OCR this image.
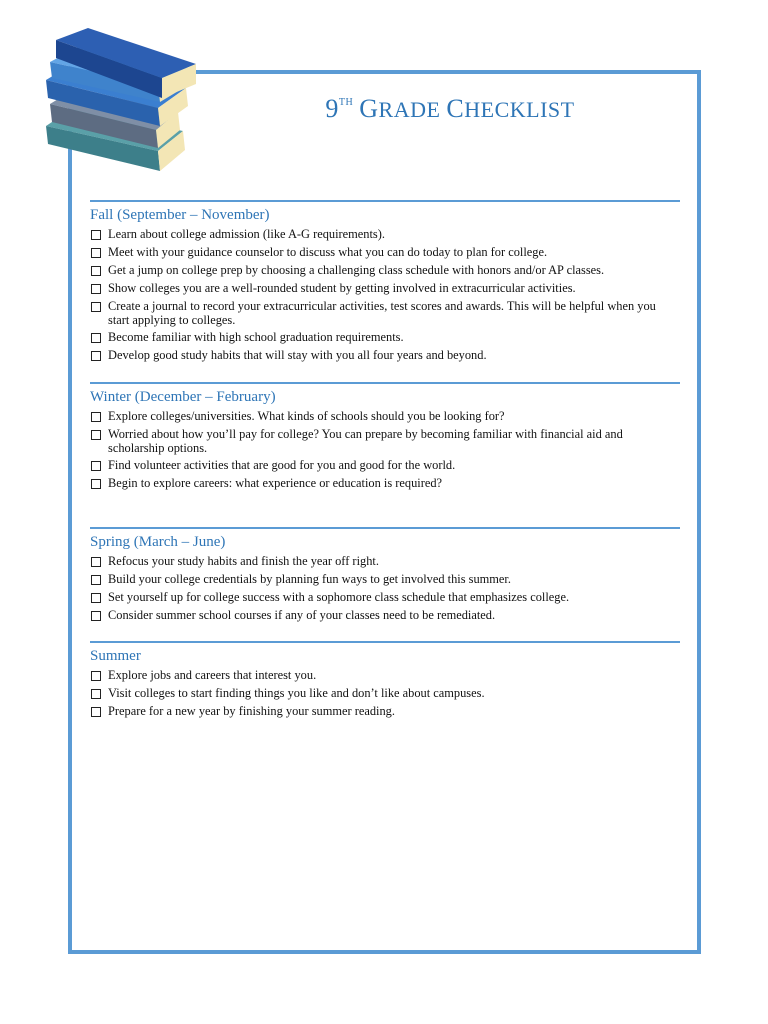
9TH GRADE CHECKLIST
Fall (September – November)
Learn about college admission (like A-G requirements).
Meet with your guidance counselor to discuss what you can do today to plan for college.
Get a jump on college prep by choosing a challenging class schedule with honors and/or AP classes.
Show colleges you are a well-rounded student by getting involved in extracurricular activities.
Create a journal to record your extracurricular activities, test scores and awards. This will be helpful when you start applying to colleges.
Become familiar with high school graduation requirements.
Develop good study habits that will stay with you all four years and beyond.
Winter (December – February)
Explore colleges/universities. What kinds of schools should you be looking for?
Worried about how you’ll pay for college? You can prepare by becoming familiar with financial aid and scholarship options.
Find volunteer activities that are good for you and good for the world.
Begin to explore careers: what experience or education is required?
Spring (March – June)
Refocus your study habits and finish the year off right.
Build your college credentials by planning fun ways to get involved this summer.
Set yourself up for college success with a sophomore class schedule that emphasizes college.
Consider summer school courses if any of your classes need to be remediated.
Summer
Explore jobs and careers that interest you.
Visit colleges to start finding things you like and don’t like about campuses.
Prepare for a new year by finishing your summer reading.
